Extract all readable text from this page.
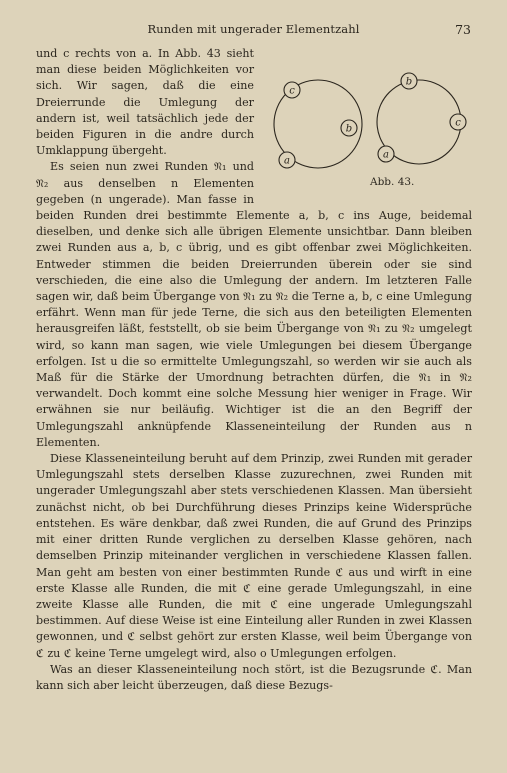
Runden mit ungerader Elementzahl	73
c
b
a
b
c
a
Abb. 43.

und c rechts von a. In Abb. 43 sieht man diese beiden Möglichkeiten vor sich. Wir sagen, daß die eine Dreierrunde die Umlegung der andern ist, weil tatsächlich jede der beiden Figuren in die andre durch Umklappung übergeht.

Es seien nun zwei Runden 𝔑₁ und 𝔑₂ aus denselben n Elementen gegeben (n ungerade). Man fasse in beiden Runden drei bestimmte Elemente a, b, c ins Auge, beidemal dieselben, und denke sich alle übrigen Elemente unsichtbar. Dann bleiben zwei Runden aus a, b, c übrig, und es gibt offenbar zwei Möglichkeiten. Entweder stimmen die beiden Dreierrunden überein oder sie sind verschieden, die eine also die Umlegung der andern. Im letzteren Falle sagen wir, daß beim Übergange von 𝔑₁ zu 𝔑₂ die Terne a, b, c eine Umlegung erfährt. Wenn man für jede Terne, die sich aus den beteiligten Elementen herausgreifen läßt, feststellt, ob sie beim Übergange von 𝔑₁ zu 𝔑₂ umgelegt wird, so kann man sagen, wie viele Umlegungen bei diesem Übergange erfolgen. Ist u die so ermittelte Umlegungszahl, so werden wir sie auch als Maß für die Stärke der Umordnung betrachten dürfen, die 𝔑₁ in 𝔑₂ verwandelt. Doch kommt eine solche Messung hier weniger in Frage. Wir erwähnen sie nur beiläufig. Wichtiger ist die an den Begriff der Umlegungszahl anknüpfende Klasseneinteilung der Runden aus n Elementen.

Diese Klasseneinteilung beruht auf dem Prinzip, zwei Runden mit gerader Umlegungszahl stets derselben Klasse zuzurechnen, zwei Runden mit ungerader Umlegungszahl aber stets verschiedenen Klassen. Man übersieht zunächst nicht, ob bei Durchführung dieses Prinzips keine Widersprüche entstehen. Es wäre denkbar, daß zwei Runden, die auf Grund des Prinzips mit einer dritten Runde verglichen zu derselben Klasse gehören, nach demselben Prinzip miteinander verglichen in verschiedene Klassen fallen. Man geht am besten von einer bestimmten Runde ℭ aus und wirft in eine erste Klasse alle Runden, die mit ℭ eine gerade Umlegungszahl, in eine zweite Klasse alle Runden, die mit ℭ eine ungerade Umlegungszahl bestimmen. Auf diese Weise ist eine Einteilung aller Runden in zwei Klassen gewonnen, und ℭ selbst gehört zur ersten Klasse, weil beim Übergange von ℭ zu ℭ keine Terne umgelegt wird, also o Umlegungen erfolgen.

Was an dieser Klasseneinteilung noch stört, ist die Bezugsrunde ℭ. Man kann sich aber leicht überzeugen, daß diese Bezugs-
